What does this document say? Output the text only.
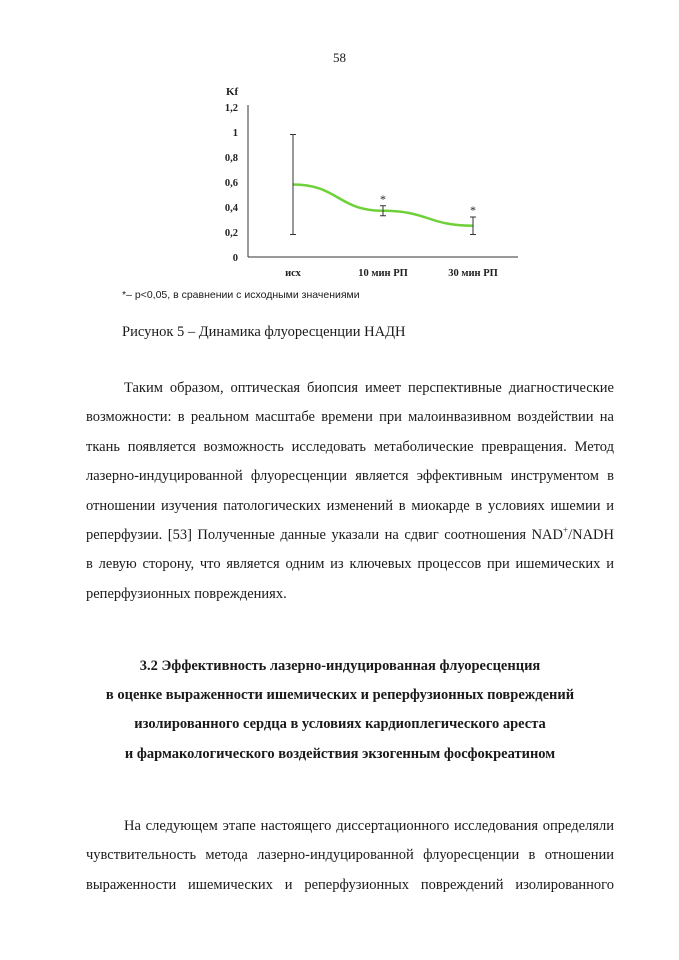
58
Kf
0
0,2
0,4
0,6
0,8
1
1,2
исх	10 мин РП	30 мин РП
*
*
*– p<0,05, в сравнении с исходными значениями
Рисунок 5 – Динамика флуоресценции НАДН

Таким образом, оптическая биопсия имеет перспективные диагностические
возможности: в реальном масштабе времени при малоинвазивном воздействии на
ткань появляется возможность исследовать метаболические превращения. Метод
лазерно-индуцированной флуоресценции является эффективным инструментом в
отношении изучения патологических изменений в миокарде в условиях ишемии и
реперфузии. [53] Полученные данные указали на сдвиг соотношения NAD+/NADH
в левую сторону, что является одним из ключевых процессов при ишемических и
реперфузионных повреждениях.

3.2 Эффективность лазерно-индуцированная флуоресценция
в оценке выраженности ишемических и реперфузионных повреждений
изолированного сердца в условиях кардиоплегического ареста
и фармакологического воздействия экзогенным фосфокреатином

На следующем этапе настоящего диссертационного исследования определяли
чувствительность метода лазерно-индуцированной флуоресценции в отношении
выраженности ишемических и реперфузионных повреждений изолированного
